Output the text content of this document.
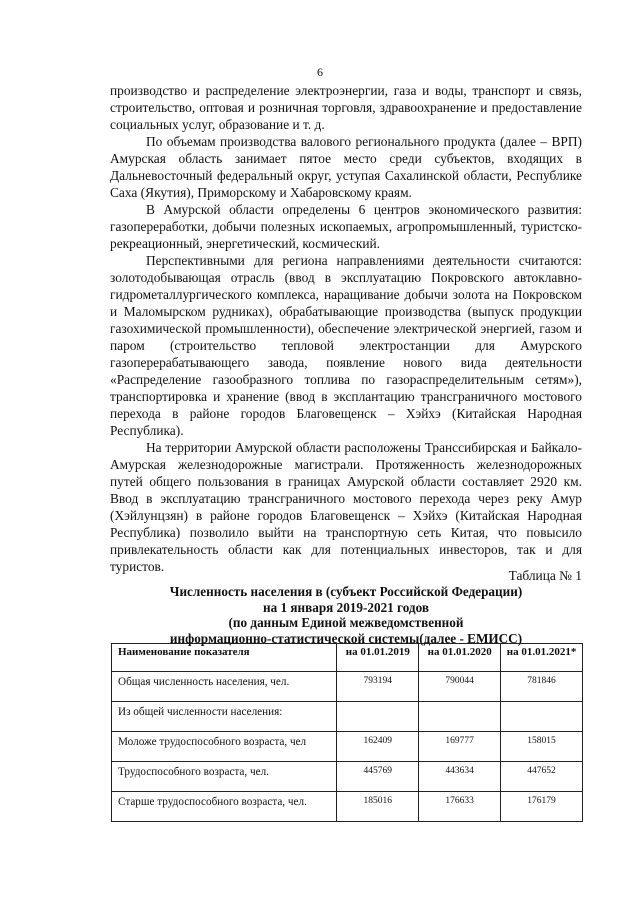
6

производство и распределение электроэнергии, газа и воды, транспорт и связь, строительство, оптовая и розничная торговля, здравоохранение и предоставление социальных услуг, образование и т. д.

По объемам производства валового регионального продукта (далее – ВРП) Амурская область занимает пятое место среди субъектов, входящих в Дальневосточный федеральный округ, уступая Сахалинской области, Республике Саха (Якутия), Приморскому и Хабаровскому краям.

В Амурской области определены 6 центров экономического развития: газопереработки, добычи полезных ископаемых, агропромышленный, туристско-рекреационный, энергетический, космический.

Перспективными для региона направлениями деятельности считаются: золотодобывающая отрасль (ввод в эксплуатацию Покровского автоклавно-гидрометаллургического комплекса, наращивание добычи золота на Покровском и Маломырском рудниках), обрабатывающие производства (выпуск продукции газохимической промышленности), обеспечение электрической энергией, газом и паром (строительство тепловой электростанции для Амурского газоперерабатывающего завода, появление нового вида деятельности «Распределение газообразного топлива по газораспределительным сетям»), транспортировка и хранение (ввод в эксплантацию трансграничного мостового перехода в районе городов Благовещенск – Хэйхэ (Китайская Народная Республика).

На территории Амурской области расположены Транссибирская и Байкало-Амурская железнодорожные магистрали. Протяженность железнодорожных путей общего пользования в границах Амурской области составляет 2920 км. Ввод в эксплуатацию трансграничного мостового перехода через реку Амур (Хэйлунцзян) в районе городов Благовещенск – Хэйхэ (Китайская Народная Республика) позволило выйти на транспортную сеть Китая, что повысило привлекательность области как для потенциальных инвесторов, так и для туристов.

Таблица № 1
Численность населения в (субъект Российской Федерации)
на 1 января 2019-2021 годов
(по данным Единой межведомственной
информационно-статистической системы(далее - ЕМИСС)
Наименование показателя	на 01.01.2019	на 01.01.2020	на 01.01.2021*
Общая численность населения, чел.	793194	790044	781846
Из общей численности населения:			
Моложе трудоспособного возраста, чел	162409	169777	158015
Трудоспособного возраста, чел.	445769	443634	447652
Старше трудоспособного возраста, чел.	185016	176633	176179
